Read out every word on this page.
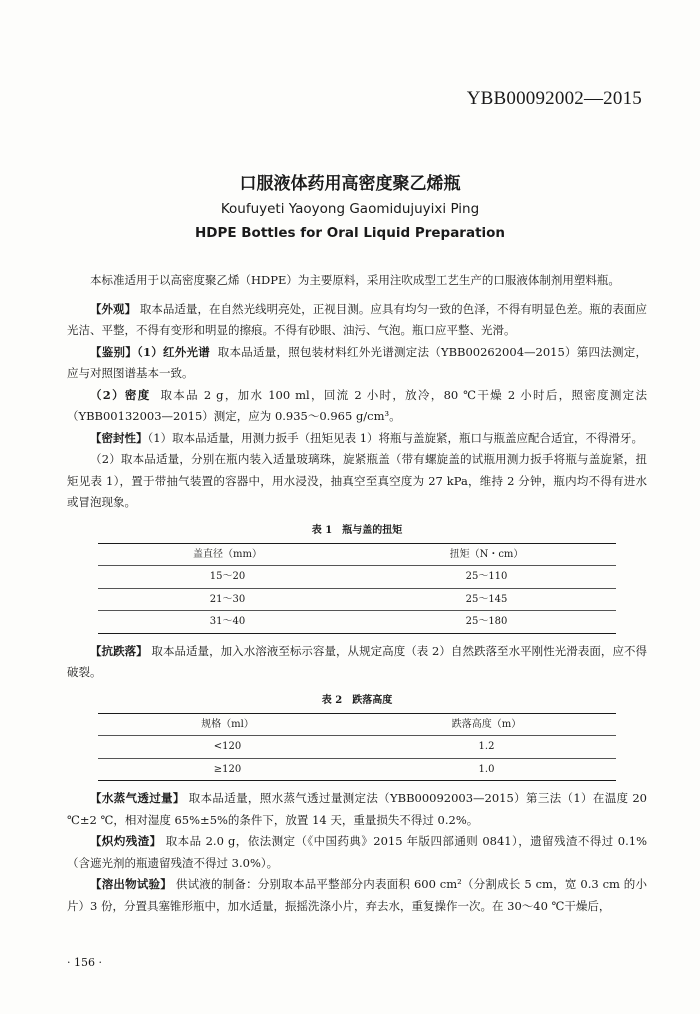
YBB00092002—2015
口服液体药用高密度聚乙烯瓶
Koufuyeti Yaoyong Gaomidujuyixi Ping
HDPE Bottles for Oral Liquid Preparation

本标准适用于以高密度聚乙烯（HDPE）为主要原料，采用注吹成型工艺生产的口服液体制剂用塑料瓶。

【外观】 取本品适量，在自然光线明亮处，正视目测。应具有均匀一致的色泽，不得有明显色差。瓶的表面应光洁、平整，不得有变形和明显的擦痕。不得有砂眼、油污、气泡。瓶口应平整、光滑。

【鉴别】（1）红外光谱 取本品适量，照包装材料红外光谱测定法（YBB00262004—2015）第四法测定，应与对照图谱基本一致。

（2）密度 取本品 2 g，加水 100 ml，回流 2 小时，放冷，80 ℃干燥 2 小时后，照密度测定法（YBB00132003—2015）测定，应为 0.935～0.965 g/cm³。

【密封性】（1）取本品适量，用测力扳手（扭矩见表 1）将瓶与盖旋紧，瓶口与瓶盖应配合适宜，不得滑牙。

（2）取本品适量，分别在瓶内装入适量玻璃珠，旋紧瓶盖（带有螺旋盖的试瓶用测力扳手将瓶与盖旋紧，扭矩见表 1），置于带抽气装置的容器中，用水浸没，抽真空至真空度为 27 kPa，维持 2 分钟，瓶内均不得有进水或冒泡现象。

表 1　瓶与盖的扭矩
盖直径（mm）	扭矩（N・cm）
15～20	25～110
21～30	25～145
31～40	25～180

【抗跌落】 取本品适量，加入水溶液至标示容量，从规定高度（表 2）自然跌落至水平刚性光滑表面，应不得破裂。

表 2　跌落高度
规格（ml）	跌落高度（m）
<120	1.2
≥120	1.0

【水蒸气透过量】 取本品适量，照水蒸气透过量测定法（YBB00092003—2015）第三法（1）在温度 20 ℃±2 ℃，相对湿度 65%±5%的条件下，放置 14 天，重量损失不得过 0.2%。

【炽灼残渣】 取本品 2.0 g，依法测定（《中国药典》2015 年版四部通则 0841），遗留残渣不得过 0.1%（含遮光剂的瓶遗留残渣不得过 3.0%）。

【溶出物试验】 供试液的制备：分别取本品平整部分内表面积 600 cm²（分割成长 5 cm，宽 0.3 cm 的小片）3 份，分置具塞锥形瓶中，加水适量，振摇洗涤小片，弃去水，重复操作一次。在 30～40 ℃干燥后，

· 156 ·
